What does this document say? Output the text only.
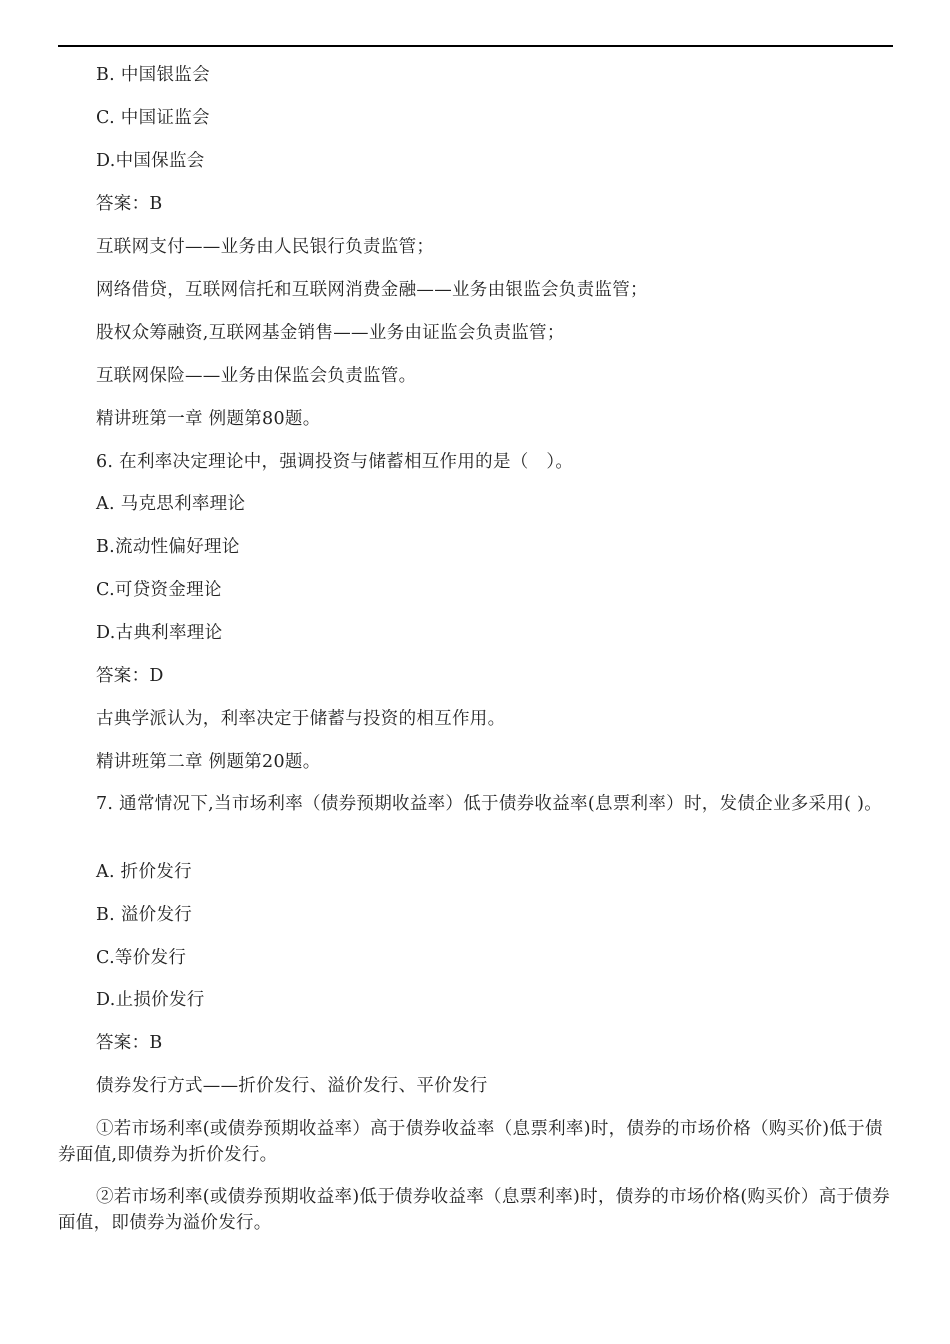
B. 中国银监会
C. 中国证监会
D.中国保监会
答案：B
互联网支付——业务由人民银行负责监管；
网络借贷，互联网信托和互联网消费金融——业务由银监会负责监管；
股权众筹融资,互联网基金销售——业务由证监会负责监管；
互联网保险——业务由保监会负责监管。
精讲班第一章 例题第80题。
6. 在利率决定理论中，强调投资与储蓄相互作用的是（　）。
A. 马克思利率理论
B.流动性偏好理论
C.可贷资金理论
D.古典利率理论
答案：D
古典学派认为，利率决定于储蓄与投资的相互作用。
精讲班第二章 例题第20题。
7. 通常情况下,当市场利率（债券预期收益率）低于债券收益率(息票利率）时，发债企业多采用( )。
A. 折价发行
B. 溢价发行
C.等价发行
D.止损价发行
答案：B
债券发行方式——折价发行、溢价发行、平价发行
①若市场利率(或债券预期收益率）高于债券收益率（息票利率)时，债券的市场价格（购买价)低于债券面值,即债券为折价发行。
②若市场利率(或债券预期收益率)低于债券收益率（息票利率)时，债券的市场价格(购买价）高于债券面值，即债券为溢价发行。
